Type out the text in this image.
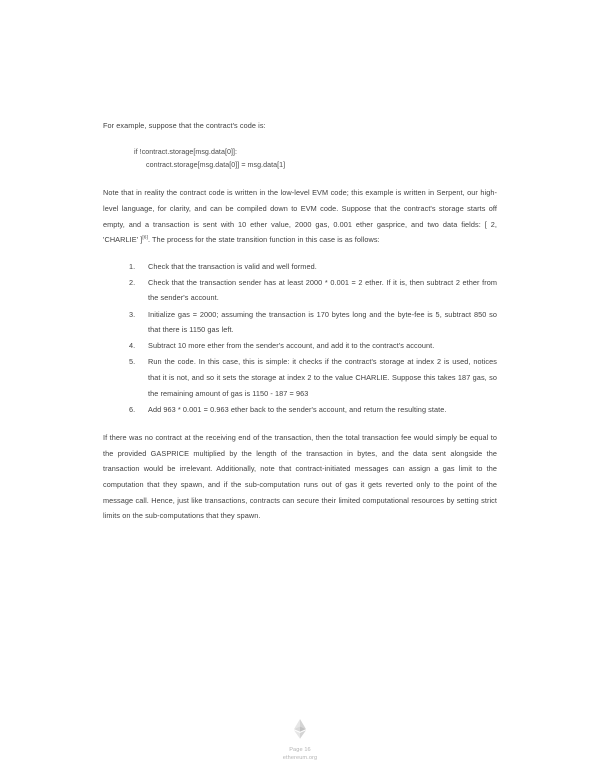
For example, suppose that the contract's code is:

if !contract.storage[msg.data[0]]:
contract.storage[msg.data[0]] = msg.data[1]

Note that in reality the contract code is written in the low-level EVM code; this example is written in Serpent, our high-level language, for clarity, and can be compiled down to EVM code. Suppose that the contract's storage starts off empty, and a transaction is sent with 10 ether value, 2000 gas, 0.001 ether gasprice, and two data fields: [ 2, 'CHARLIE' ][6]. The process for the state transition function in this case is as follows:

Check that the transaction is valid and well formed.
Check that the transaction sender has at least 2000 * 0.001 = 2 ether. If it is, then subtract 2 ether from the sender's account.
Initialize gas = 2000; assuming the transaction is 170 bytes long and the byte-fee is 5, subtract 850 so that there is 1150 gas left.
Subtract 10 more ether from the sender's account, and add it to the contract's account.
Run the code. In this case, this is simple: it checks if the contract's storage at index 2 is used, notices that it is not, and so it sets the storage at index 2 to the value CHARLIE. Suppose this takes 187 gas, so the remaining amount of gas is 1150 - 187 = 963
Add 963 * 0.001 = 0.963 ether back to the sender's account, and return the resulting state.

If there was no contract at the receiving end of the transaction, then the total transaction fee would simply be equal to the provided GASPRICE multiplied by the length of the transaction in bytes, and the data sent alongside the transaction would be irrelevant. Additionally, note that contract-initiated messages can assign a gas limit to the computation that they spawn, and if the sub-computation runs out of gas it gets reverted only to the point of the message call. Hence, just like transactions, contracts can secure their limited computational resources by setting strict limits on the sub-computations that they spawn.

Page 16
ethereum.org
